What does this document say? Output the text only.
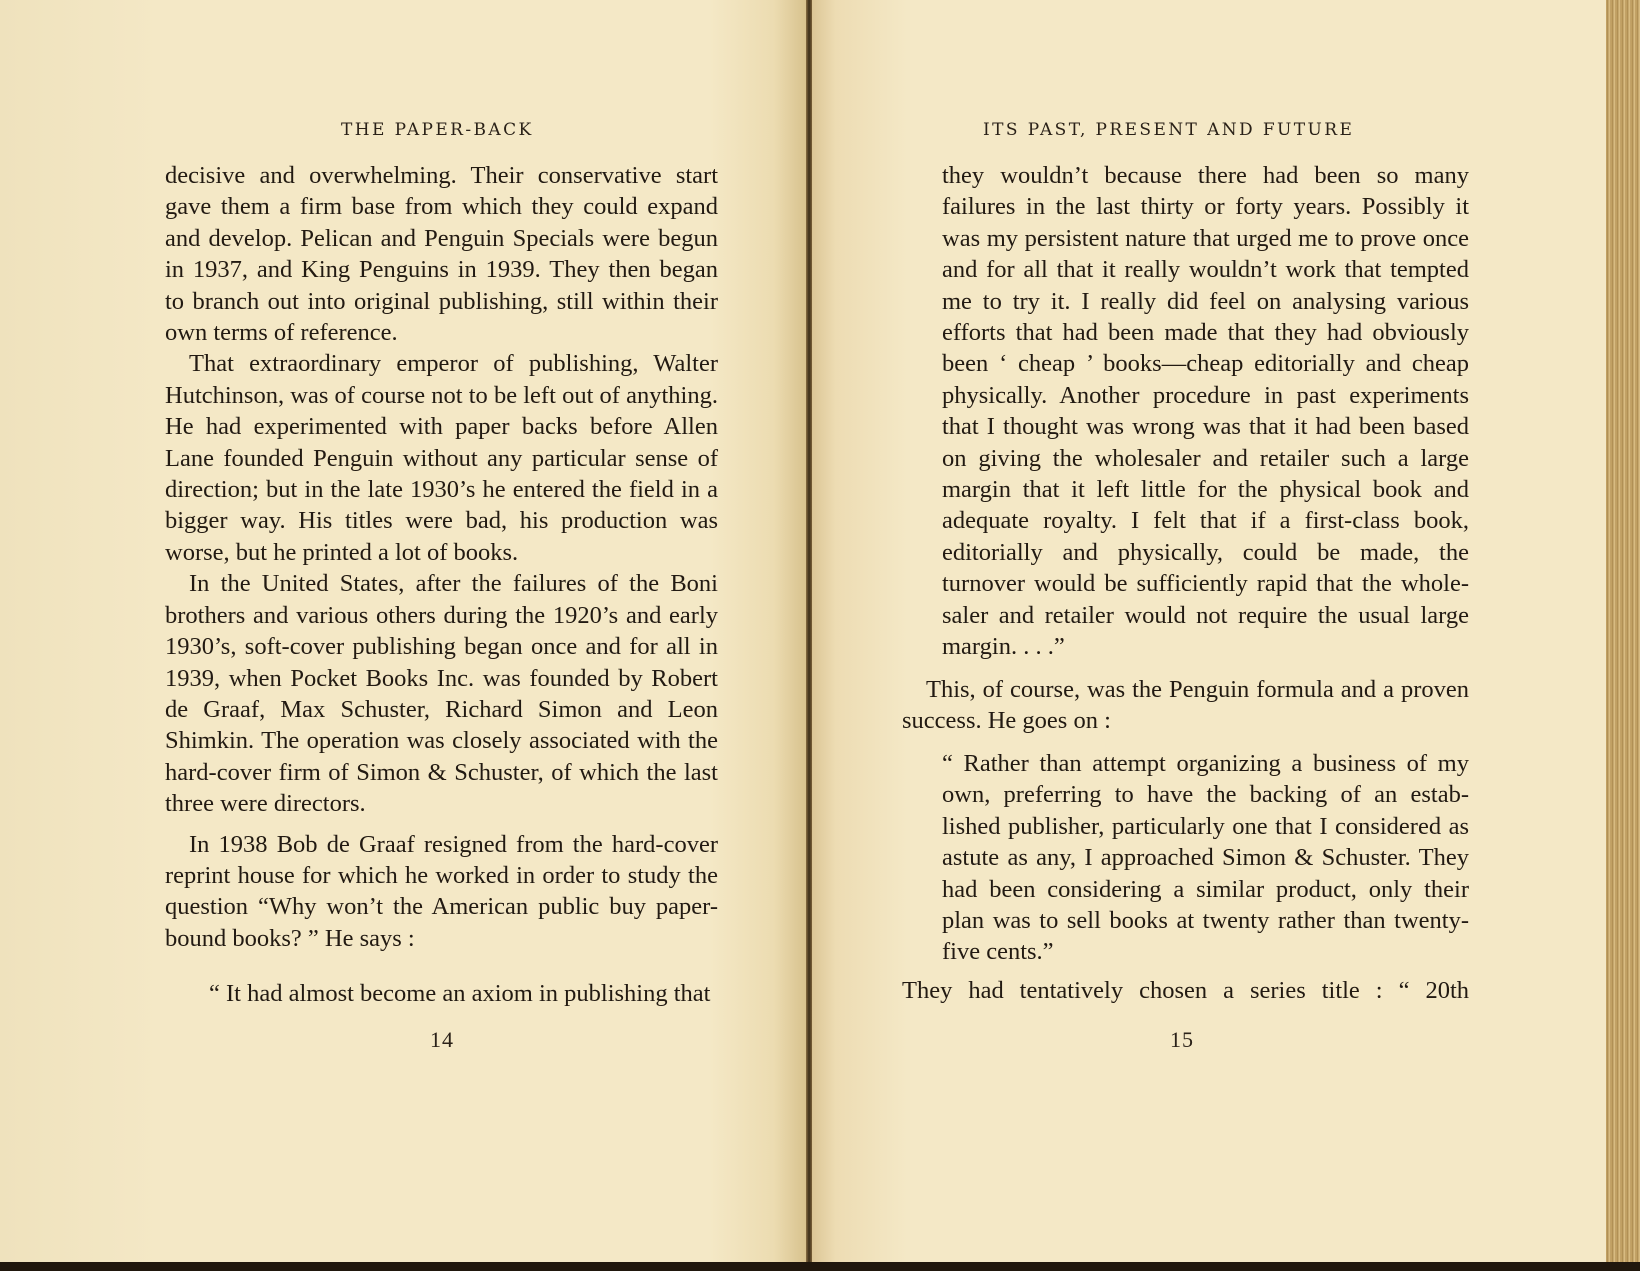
THE PAPER-BACK

decisive and overwhelming. Their conservative start gave them a firm base from which they could expand and develop. Pelican and Penguin Specials were begun in 1937, and King Penguins in 1939. They then began to branch out into original publishing, still within their own terms of reference.

That extraordinary emperor of publishing, Walter Hutchinson, was of course not to be left out of anything. He had experimented with paper backs before Allen Lane founded Penguin without any particular sense of direction; but in the late 1930’s he entered the field in a bigger way. His titles were bad, his production was worse, but he printed a lot of books.

In the United States, after the failures of the Boni brothers and various others during the 1920’s and early 1930’s, soft-cover publishing began once and for all in 1939, when Pocket Books Inc. was founded by Robert de Graaf, Max Schuster, Richard Simon and Leon Shimkin. The operation was closely associated with the hard-cover firm of Simon & Schuster, of which the last three were directors.

In 1938 Bob de Graaf resigned from the hard-cover reprint house for which he worked in order to study the question “Why won’t the American public buy paper-bound books? ” He says :

“ It had almost become an axiom in publishing that

14
ITS PAST, PRESENT AND FUTURE

they wouldn’t because there had been so many failures in the last thirty or forty years. Possibly it was my persistent nature that urged me to prove once and for all that it really wouldn’t work that tempted me to try it. I really did feel on analysing various efforts that had been made that they had obviously been ‘ cheap ’ books—cheap editorially and cheap physically. Another procedure in past experiments that I thought was wrong was that it had been based on giving the wholesaler and retailer such a large margin that it left little for the physical book and adequate royalty. I felt that if a first-class book, editorially and physically, could be made, the turnover would be sufficiently rapid that the whole-saler and retailer would not require the usual large margin. . . .”

This, of course, was the Penguin formula and a proven success. He goes on :

“ Rather than attempt organizing a business of my own, preferring to have the backing of an estab-lished publisher, particularly one that I considered as astute as any, I approached Simon & Schuster. They had been considering a similar product, only their plan was to sell books at twenty rather than twenty-five cents.”

They had tentatively chosen a series title : “ 20th

15
